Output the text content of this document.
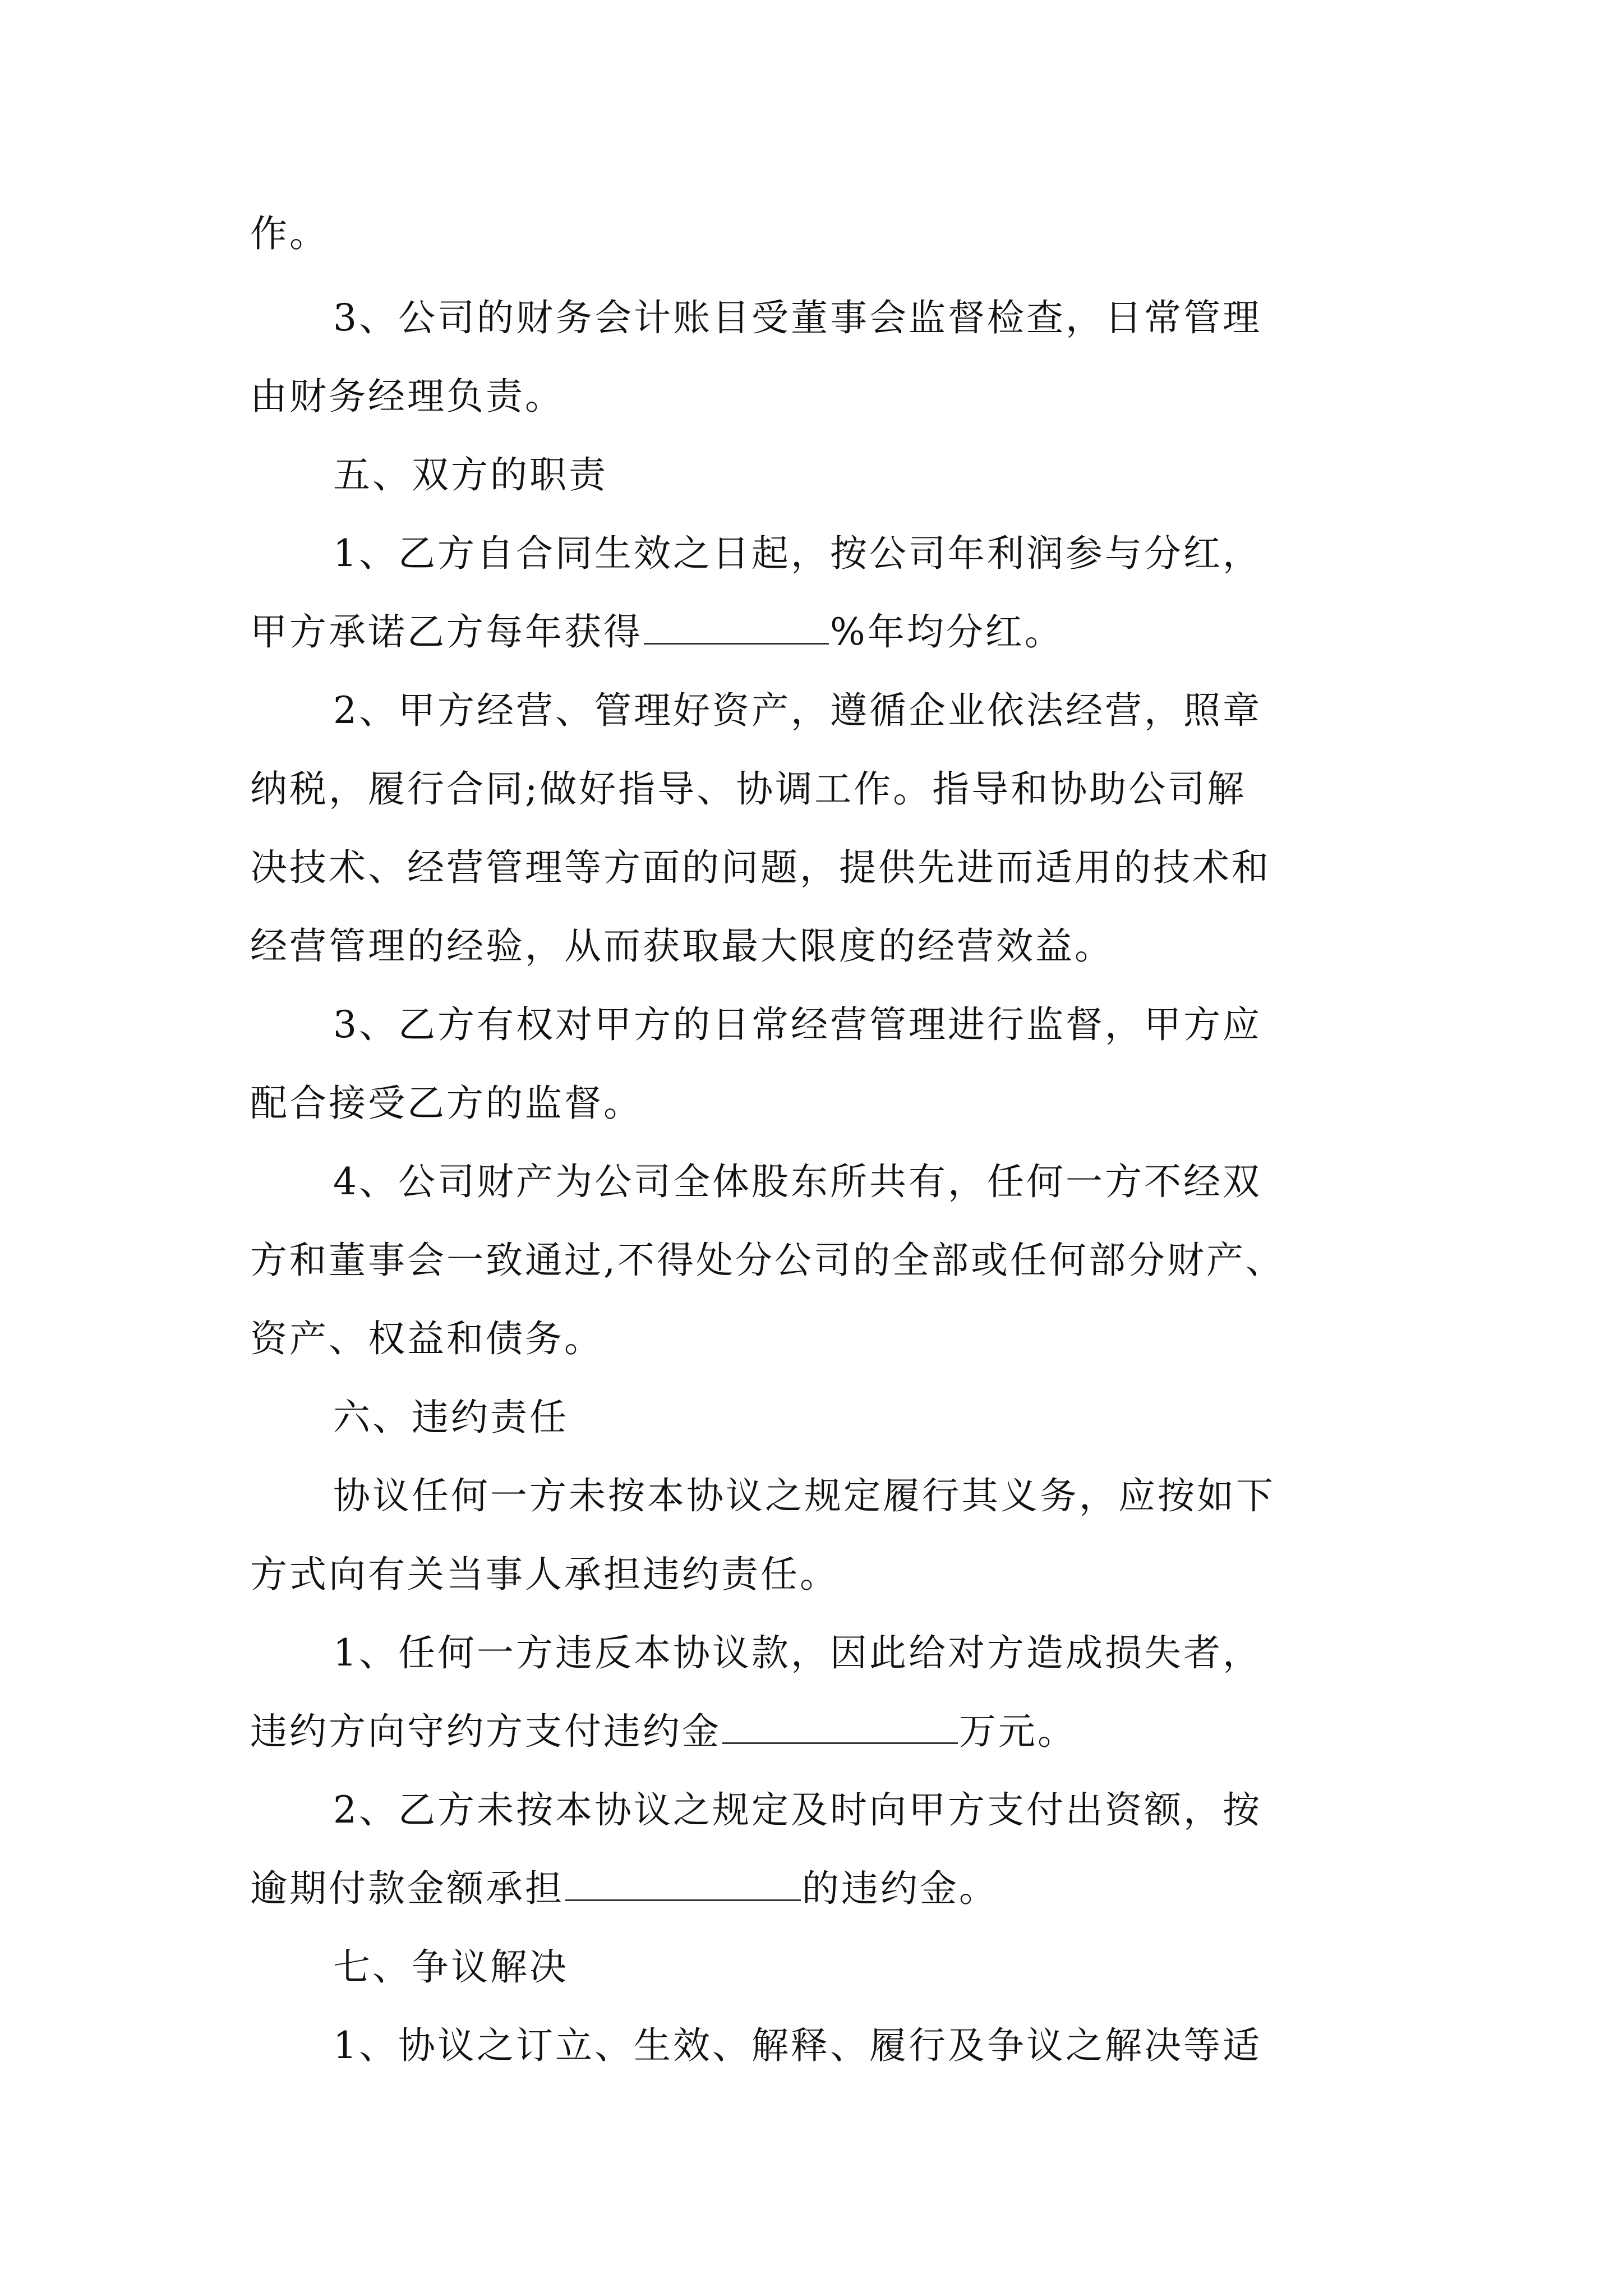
作。
3、公司的财务会计账目受董事会监督检查，日常管理
由财务经理负责。
五、双方的职责
1、乙方自合同生效之日起，按公司年利润参与分红，
甲方承诺乙方每年获得	%年均分红。
2、甲方经营、管理好资产，遵循企业依法经营，照章
纳税，履行合同;做好指导、协调工作。指导和协助公司解
决技术、经营管理等方面的问题，提供先进而适用的技术和
经营管理的经验，从而获取最大限度的经营效益。
3、乙方有权对甲方的日常经营管理进行监督，甲方应
配合接受乙方的监督。
4、公司财产为公司全体股东所共有，任何一方不经双
方和董事会一致通过,不得处分公司的全部或任何部分财产、
资产、权益和债务。
六、违约责任
协议任何一方未按本协议之规定履行其义务，应按如下
方式向有关当事人承担违约责任。
1、任何一方违反本协议款，因此给对方造成损失者，
违约方向守约方支付违约金	万元。
2、乙方未按本协议之规定及时向甲方支付出资额，按
逾期付款金额承担	的违约金。
七、争议解决
1、协议之订立、生效、解释、履行及争议之解决等适
